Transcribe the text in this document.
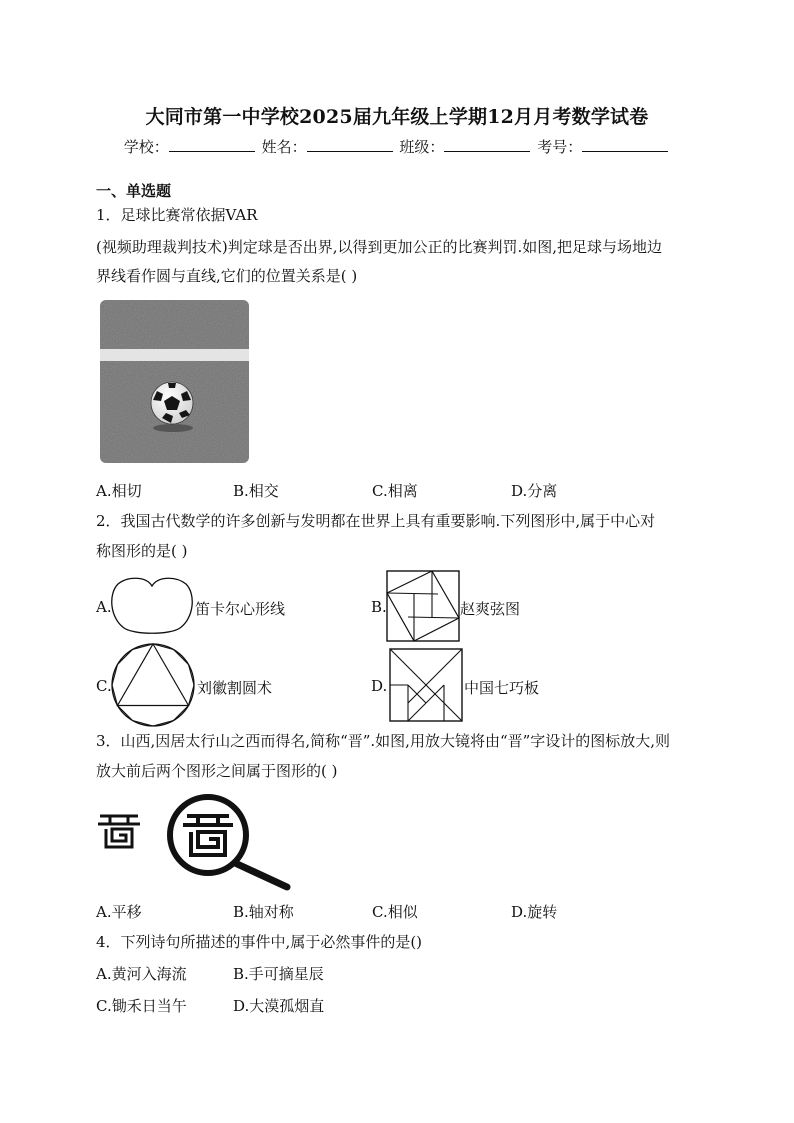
大同市第一中学校2025届九年级上学期12月月考数学试卷
学校：	姓名：	班级：	考号：
一、单选题
1．足球比赛常依据VAR
(视频助理裁判技术)判定球是否出界,以得到更加公正的比赛判罚.如图,把足球与场地边
界线看作圆与直线,它们的位置关系是( )
A.相切	B.相交	C.相离	D.分离
2．我国古代数学的许多创新与发明都在世界上具有重要影响.下列图形中,属于中心对
称图形的是( )
A.	笛卡尔心形线	B.	赵爽弦图
C.	刘徽割圆术	D.	中国七巧板
3．山西,因居太行山之西而得名,简称“晋”.如图,用放大镜将由“晋”字设计的图标放大,则
放大前后两个图形之间属于图形的( )
A.平移	B.轴对称	C.相似	D.旋转
4．下列诗句所描述的事件中,属于必然事件的是()
A.黄河入海流	B.手可摘星辰
C.锄禾日当午	D.大漠孤烟直
